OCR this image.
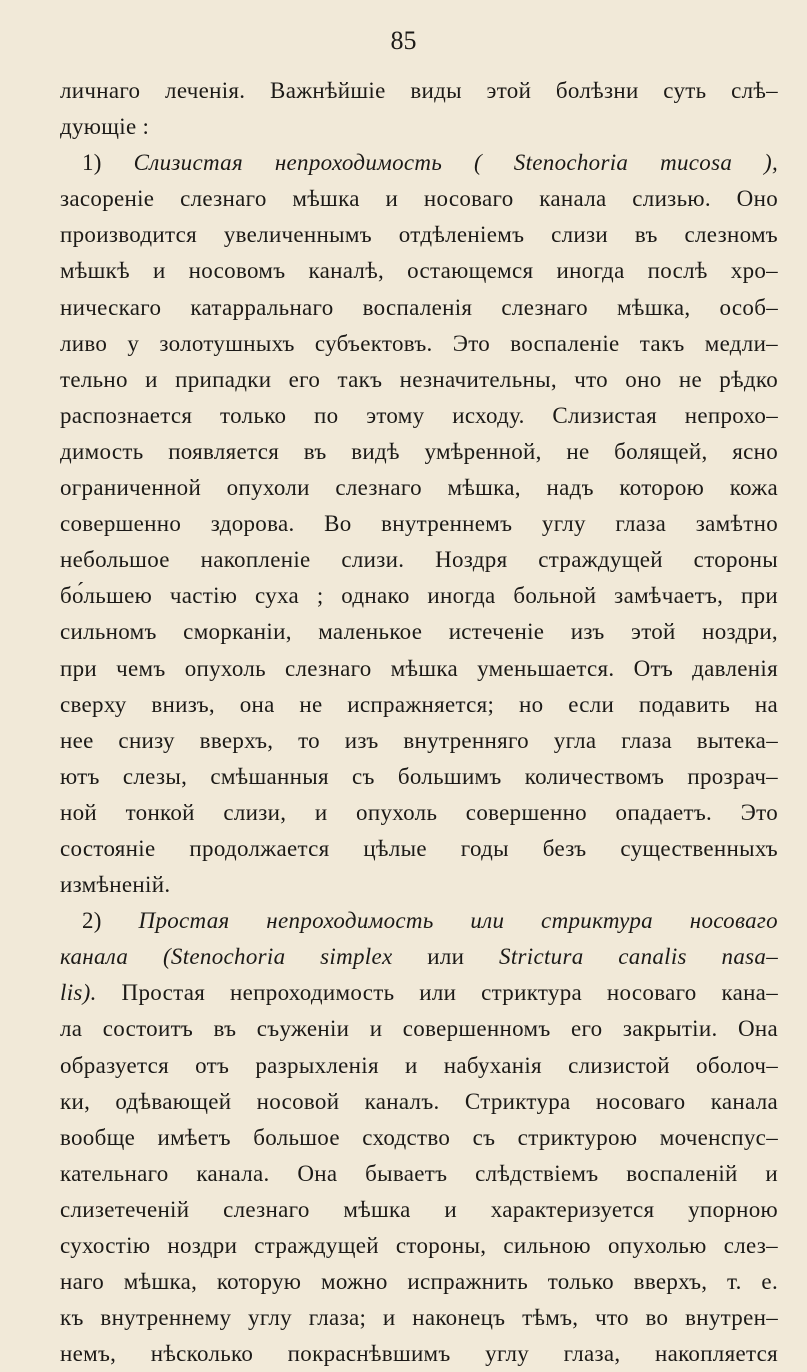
85
личнаго леченія. Важнѣйшіе виды этой болѣзни суть слѣ–
дующіе :
1) Слизистая непроходимость ( Stenochoria mucosa ),
засореніе слезнаго мѣшка и носоваго канала слизью. Оно
производится увеличеннымъ отдѣленіемъ слизи въ слезномъ
мѣшкѣ и носовомъ каналѣ, остающемся иногда послѣ хро–
ническаго катарральнаго воспаленія слезнаго мѣшка, особ–
ливо у золотушныхъ субъектовъ. Это воспаленіе такъ медли–
тельно и припадки его такъ незначительны, что оно не рѣдко
распознается только по этому исходу. Слизистая непрохо–
димость появляется въ видѣ умѣренной, не болящей, ясно
ограниченной опухоли слезнаго мѣшка, надъ которою кожа
совершенно здорова. Во внутреннемъ углу глаза замѣтно
небольшое накопленіе слизи. Ноздря страждущей стороны
бо́льшею частію суха ; однако иногда больной замѣчаетъ, при
сильномъ сморканіи, маленькое истеченіе изъ этой ноздри,
при чемъ опухоль слезнаго мѣшка уменьшается. Отъ давленія
сверху внизъ, она не испражняется; но если подавить на
нее снизу вверхъ, то изъ внутренняго угла глаза вытека–
ютъ слезы, смѣшанныя съ большимъ количествомъ прозрач–
ной тонкой слизи, и опухоль совершенно опадаетъ. Это
состояніе продолжается цѣлые годы безъ существенныхъ
измѣненій.
2) Простая непроходимость или стриктура носоваго
канала (Stenochoria simplex или Strictura canalis nasa–
lis). Простая непроходимость или стриктура носоваго кана–
ла состоитъ въ съуженіи и совершенномъ его закрытіи. Она
образуется отъ разрыхленія и набуханія слизистой оболоч–
ки, одѣвающей носовой каналъ. Стриктура носоваго канала
вообще имѣетъ большое сходство съ стриктурою моченспус–
кательнаго канала. Она бываетъ слѣдствіемъ воспаленій и
слизетеченій слезнаго мѣшка и характеризуется упорною
сухостію ноздри страждущей стороны, сильною опухолью слез–
наго мѣшка, которую можно испражнить только вверхъ, т. е.
къ внутреннему углу глаза; и наконецъ тѣмъ, что во внутрен–
немъ, нѣсколько покраснѣвшимъ углу глаза, накопляется
